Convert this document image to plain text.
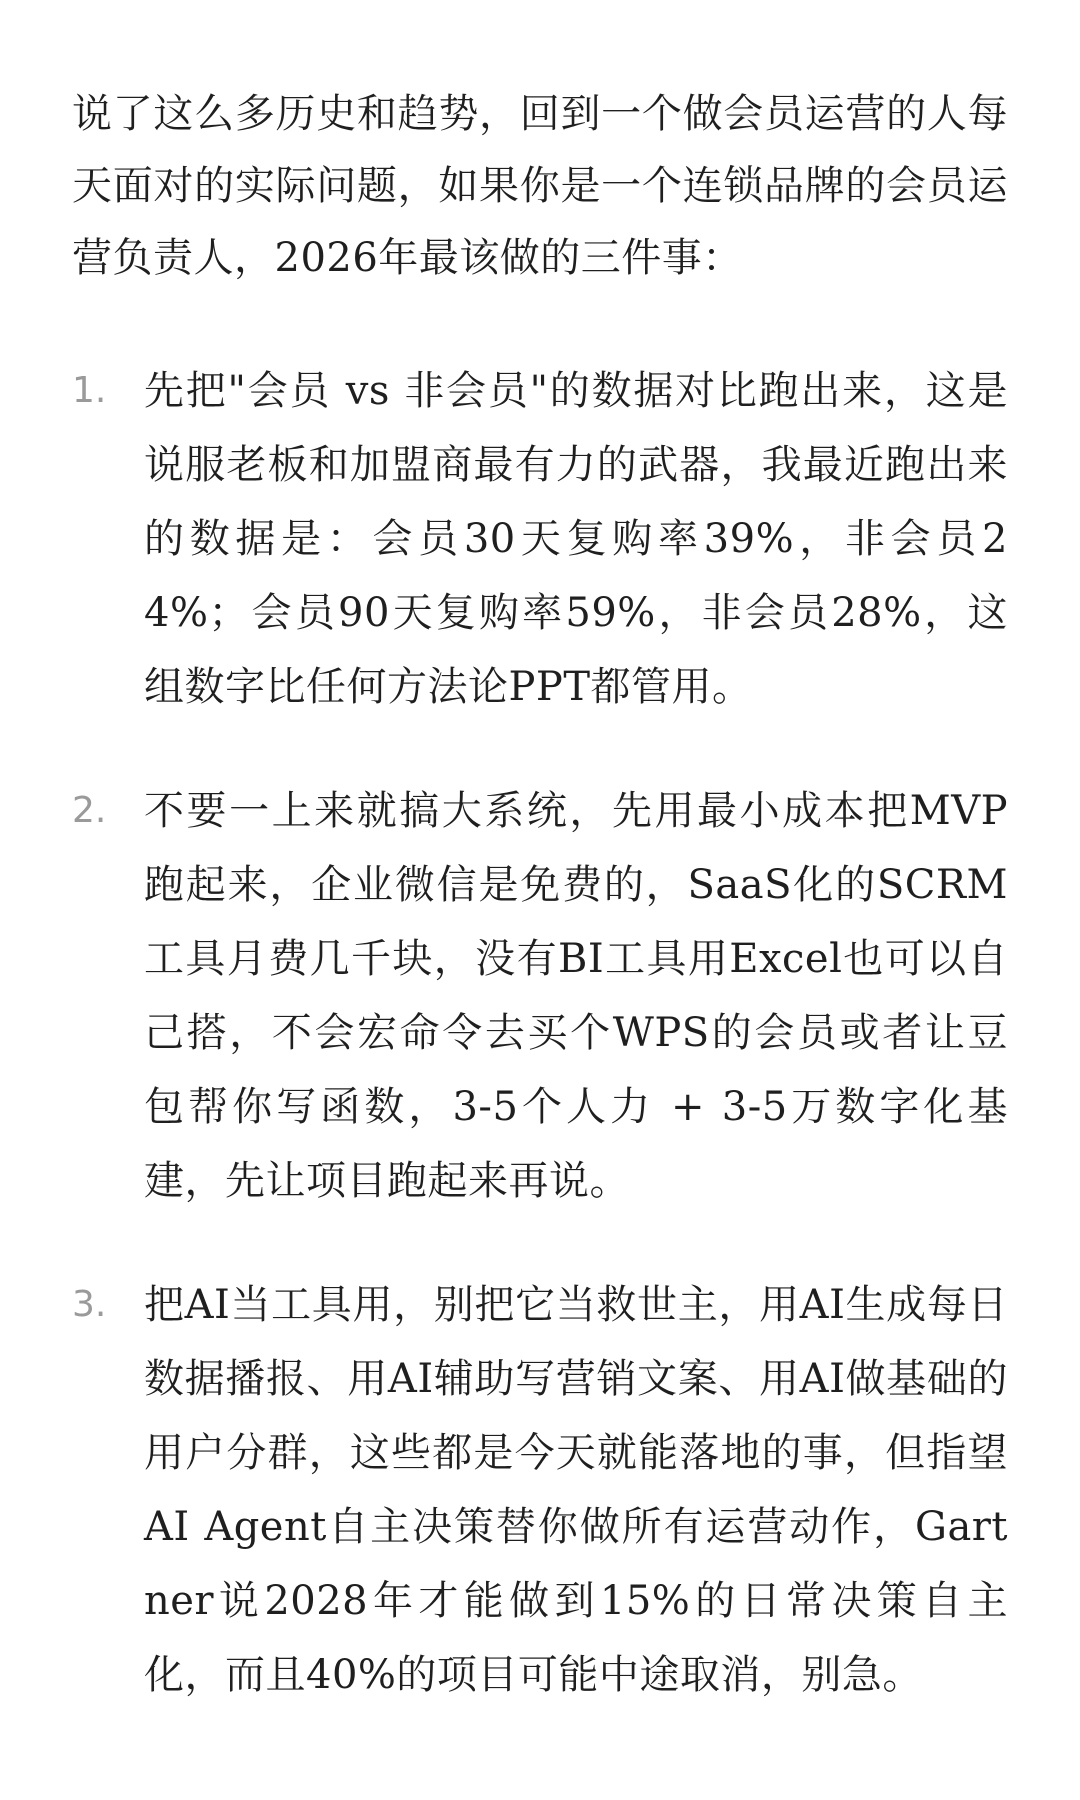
说了这么多历史和趋势，回到一个做会员运营的人每天面对的实际问题，如果你是一个连锁品牌的会员运营负责人，2026年最该做的三件事：

1. 先把"会员 vs 非会员"的数据对比跑出来，这是说服老板和加盟商最有力的武器，我最近跑出来的数据是：会员30天复购率39%，非会员24%；会员90天复购率59%，非会员28%，这组数字比任何方法论PPT都管用。

2. 不要一上来就搞大系统，先用最小成本把MVP跑起来，企业微信是免费的，SaaS化的SCRM工具月费几千块，没有BI工具用Excel也可以自己搭，不会宏命令去买个WPS的会员或者让豆包帮你写函数，3-5个人力 + 3-5万数字化基建，先让项目跑起来再说。

3. 把AI当工具用，别把它当救世主，用AI生成每日数据播报、用AI辅助写营销文案、用AI做基础的用户分群，这些都是今天就能落地的事，但指望AI Agent自主决策替你做所有运营动作，Gartner说2028年才能做到15%的日常决策自主化，而且40%的项目可能中途取消，别急。
